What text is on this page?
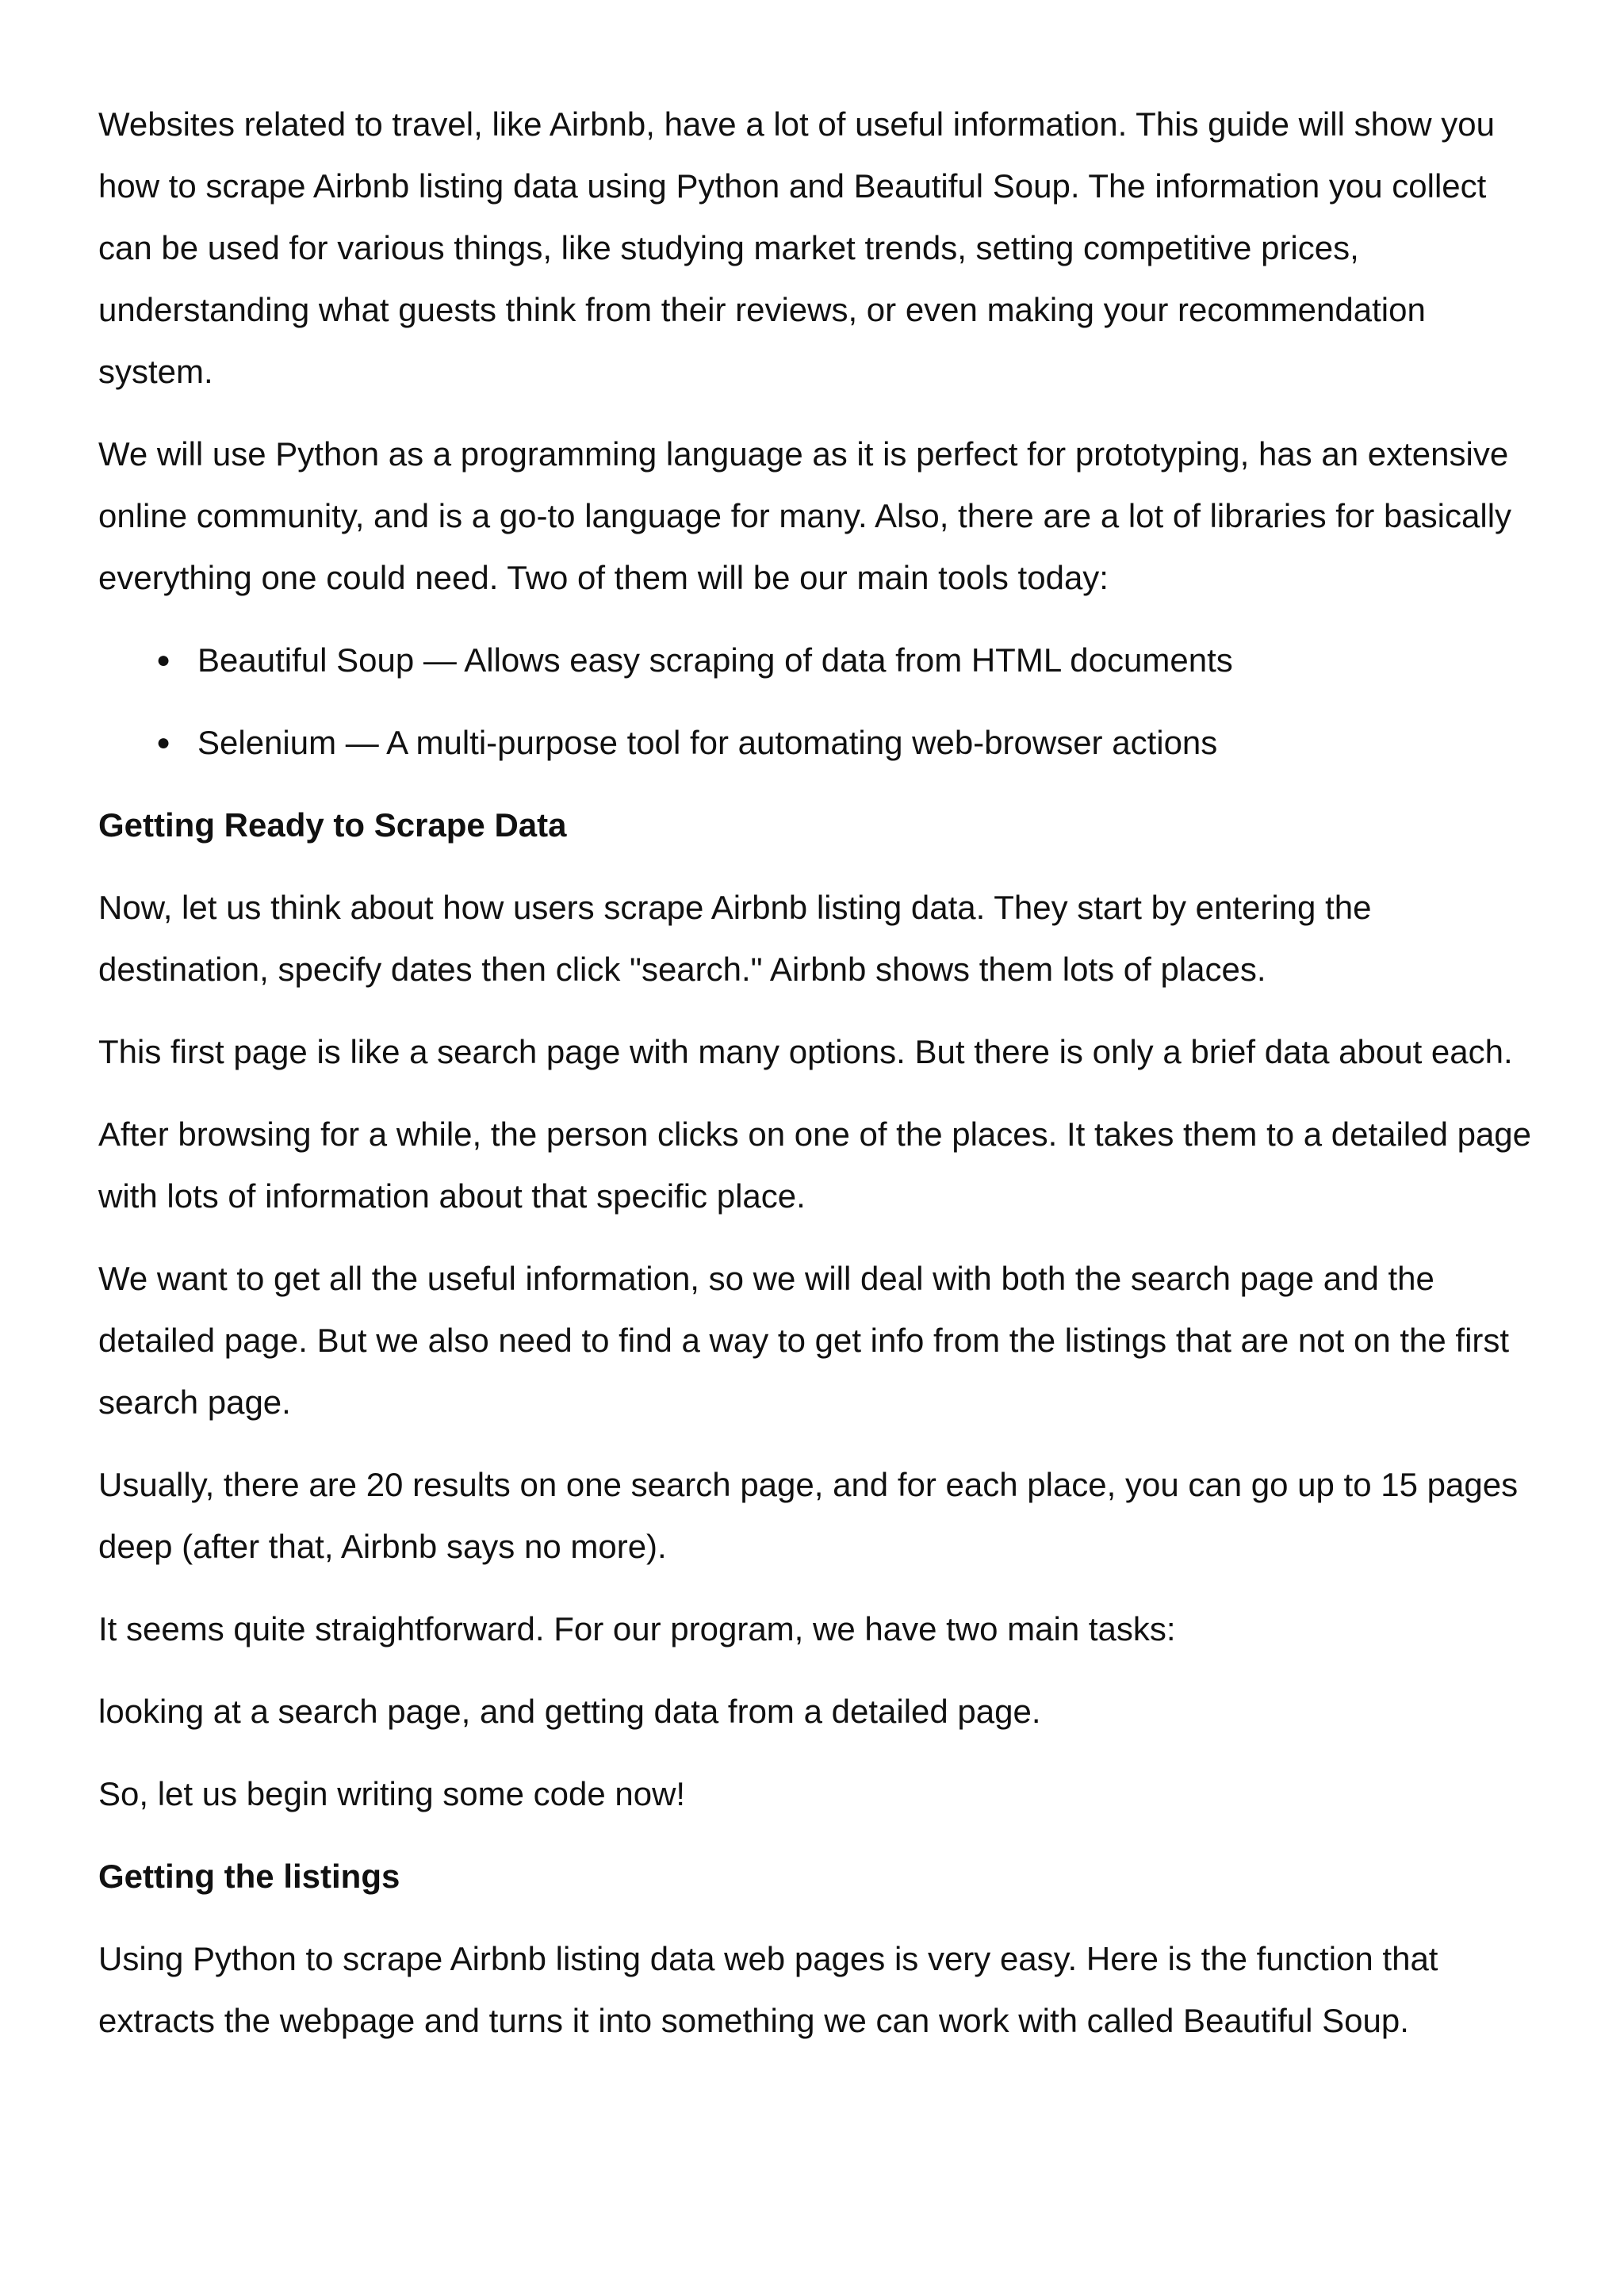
Websites related to travel, like Airbnb, have a lot of useful information. This guide will show you how to scrape Airbnb listing data using Python and Beautiful Soup. The information you collect can be used for various things, like studying market trends, setting competitive prices, understanding what guests think from their reviews, or even making your recommendation system.

We will use Python as a programming language as it is perfect for prototyping, has an extensive online community, and is a go-to language for many. Also, there are a lot of libraries for basically everything one could need. Two of them will be our main tools today:

● Beautiful Soup — Allows easy scraping of data from HTML documents
● Selenium — A multi-purpose tool for automating web-browser actions
Getting Ready to Scrape Data

Now, let us think about how users scrape Airbnb listing data. They start by entering the destination, specify dates then click "search." Airbnb shows them lots of places.

This first page is like a search page with many options. But there is only a brief data about each.

After browsing for a while, the person clicks on one of the places. It takes them to a detailed page with lots of information about that specific place.

We want to get all the useful information, so we will deal with both the search page and the detailed page. But we also need to find a way to get info from the listings that are not on the first search page.

Usually, there are 20 results on one search page, and for each place, you can go up to 15 pages deep (after that, Airbnb says no more).

It seems quite straightforward. For our program, we have two main tasks:

looking at a search page, and getting data from a detailed page.

So, let us begin writing some code now!

Getting the listings

Using Python to scrape Airbnb listing data web pages is very easy. Here is the function that extracts the webpage and turns it into something we can work with called Beautiful Soup.
